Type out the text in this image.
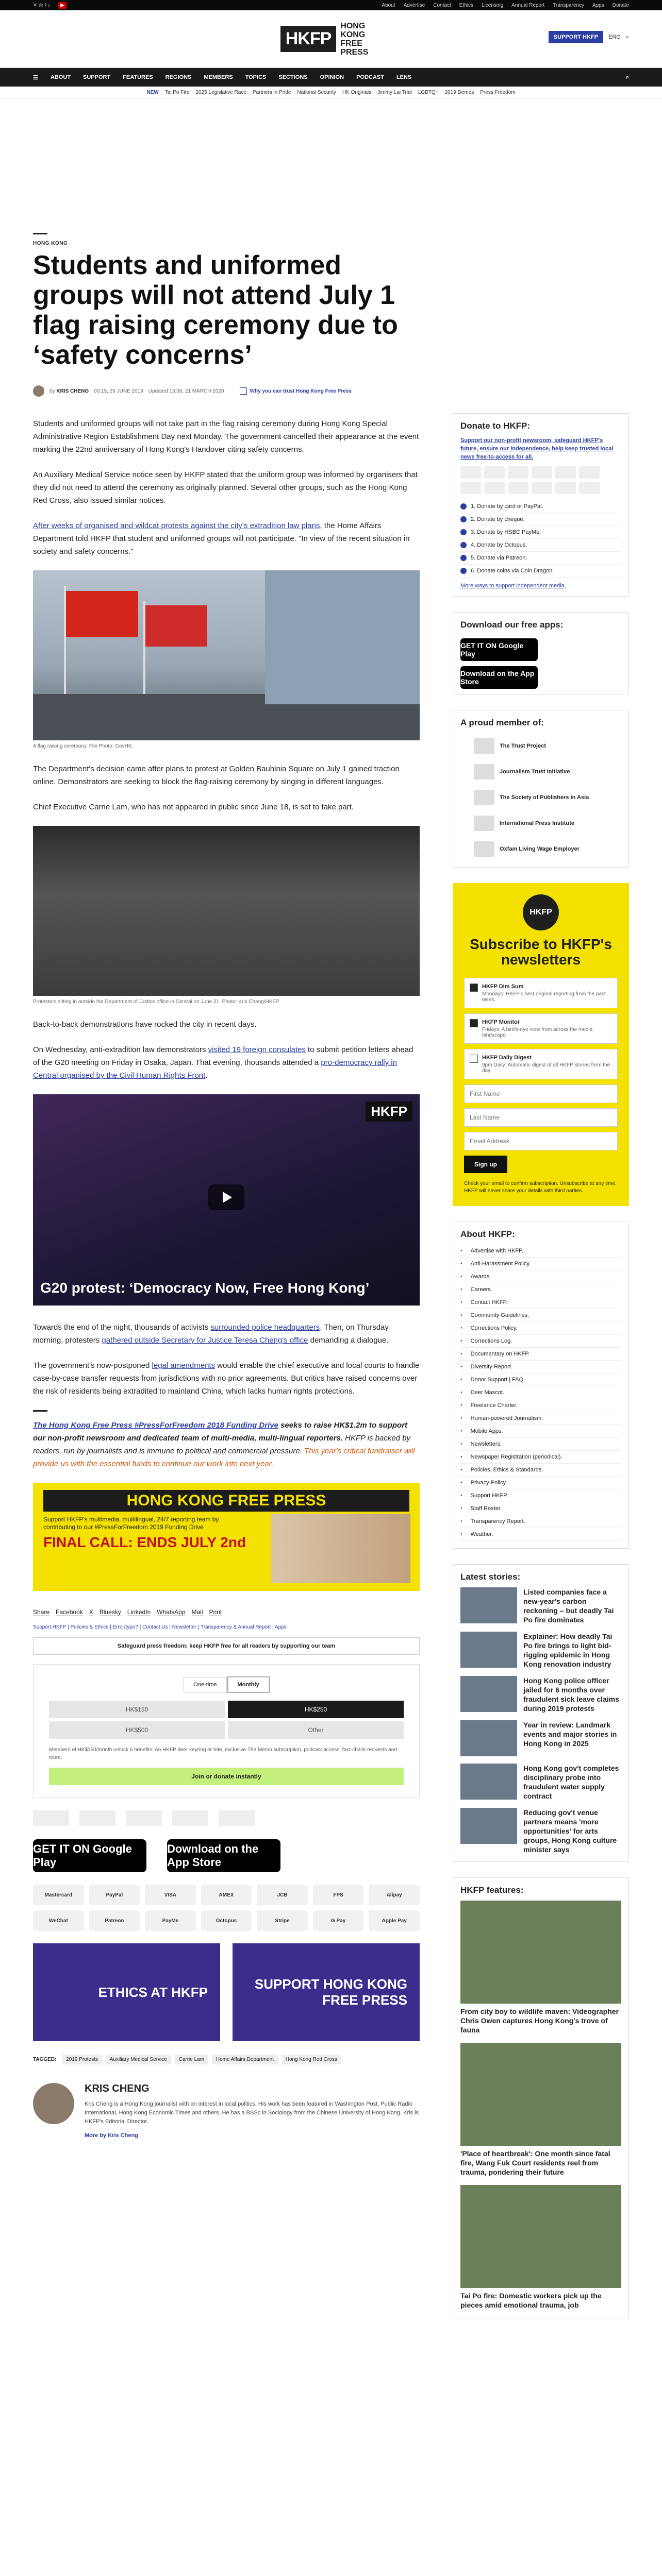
✕ ◎ f ♪	▶	About Advertise Contact Ethics Licensing Annual Report Transparency Apps Donate
HKFP
HONG KONG FREE PRESS
SUPPORT HKFP	ENG ⌕
☰ ABOUT SUPPORT FEATURES REGIONS MEMBERS TOPICS SECTIONS OPINION PODCAST LENS	⌕
NEW Tai Po Fire 2025 Legislative Race Partners in Pride National Security HK Originals Jimmy Lai Trial LGBTQ+ 2019 Demos Press Freedom
HONG KONG
Students and uniformed groups will not attend July 1 flag raising ceremony due to ‘safety concerns’
by KRIS CHENG 00:15, 29 JUNE 2019 Updated 13:08, 21 MARCH 2020	Why you can trust Hong Kong Free Press

Students and uniformed groups will not take part in the flag raising ceremony during Hong Kong Special Administrative Region Establishment Day next Monday. The government cancelled their appearance at the event marking the 22nd anniversary of Hong Kong's Handover citing safety concerns.

An Auxiliary Medical Service notice seen by HKFP stated that the uniform group was informed by organisers that they did not need to attend the ceremony as originally planned. Several other groups, such as the Hong Kong Red Cross, also issued similar notices.

After weeks of organised and wildcat protests against the city's extradition law plans, the Home Affairs Department told HKFP that student and uniformed groups will not participate. "In view of the recent situation in society and safety concerns."

A flag raising ceremony. File Photo: GovHK.

The Department's decision came after plans to protest at Golden Bauhinia Square on July 1 gained traction online. Demonstrators are seeking to block the flag-raising ceremony by singing in different languages.

Chief Executive Carrie Lam, who has not appeared in public since June 18, is set to take part.

Protesters sitting in outside the Department of Justice office in Central on June 21. Photo: Kris Cheng/HKFP.

Back-to-back demonstrations have rocked the city in recent days.

On Wednesday, anti-extradition law demonstrators visited 19 foreign consulates to submit petition letters ahead of the G20 meeting on Friday in Osaka, Japan. That evening, thousands attended a pro-democracy rally in Central organised by the Civil Human Rights Front.

HKFP
G20 protest: ‘Democracy Now, Free Hong Kong’

Towards the end of the night, thousands of activists surrounded police headquarters. Then, on Thursday morning, protesters gathered outside Secretary for Justice Teresa Cheng's office demanding a dialogue.

The government's now-postponed legal amendments would enable the chief executive and local courts to handle case-by-case transfer requests from jurisdictions with no prior agreements. But critics have raised concerns over the risk of residents being extradited to mainland China, which lacks human rights protections.

The Hong Kong Free Press #PressForFreedom 2018 Funding Drive seeks to raise HK$1.2m to support our non-profit newsroom and dedicated team of multi-media, multi-lingual reporters. HKFP is backed by readers, run by journalists and is immune to political and commercial pressure. This year's critical fundraiser will provide us with the essential funds to continue our work into next year.

HONG KONG FREE PRESS
Support HKFP's multimedia, multilingual, 24/7 reporting team by contributing to our #PressForFreedom 2019 Funding Drive
FINAL CALL: ENDS JULY 2nd
Share Facebook X Bluesky LinkedIn WhatsApp Mail Print
Support HKFP | Policies & Ethics | Error/typo? | Contact Us | Newsletter | Transparency & Annual Report | Apps
Safeguard press freedom; keep HKFP free for all readers by supporting our team
One-time	Monthly
HK$150	HK$250
HK$500	Other
Members of HK$150/month unlock 6 benefits: An HKFP deer keyring or tote, exclusive The Memo subscription, podcast access, fact-check requests and more.
Join or donate instantly
GET IT ON Google Play
Download on the App Store
Mastercard	PayPal	VISA	AMEX	JCB	FPS	Alipay
WeChat	Patreon	PayMe	Octopus	Stripe	G Pay	Apple Pay
ETHICS AT HKFP
SUPPORT HONG KONG FREE PRESS
TAGGED: 2019 Protests Auxiliary Medical Service Carrie Lam Home Affairs Department Hong Kong Red Cross
KRIS CHENG

Kris Cheng is a Hong Kong journalist with an interest in local politics. His work has been featured in Washington Post, Public Radio International, Hong Kong Economic Times and others. He has a BSSc in Sociology from the Chinese University of Hong Kong. Kris is HKFP's Editorial Director.

More by Kris Cheng
Donate to HKFP:

Support our non-profit newsroom, safeguard HKFP's future, ensure our independence, help keep trusted local news free-to-access for all.

1. Donate by card or PayPal.
2. Donate by cheque.
3. Donate by HSBC PayMe.
4. Donate by Octopus.
5. Donate via Patreon.
6. Donate coins via Coin Dragon.
More ways to support independent media.
Download our free apps:
GET IT ON Google Play
Download on the App Store
A proud member of:
The Trust Project
Journalism Trust Initiative
The Society of Publishers in Asia
International Press Institute
Oxfam Living Wage Employer
HKFP
Subscribe to HKFP's newsletters
HKFP Dim Sum
Mondays: HKFP's best original reporting from the past week.
HKFP Monitor
Fridays: A bird's-eye view from across the media landscape.
HKFP Daily Digest
9pm Daily: Automatic digest of all HKFP stories from the day.
First Name Last Name Email Address Sign up
Check your email to confirm subscription. Unsubscribe at any time. HKFP will never share your details with third parties.
About HKFP:
● Advertise with HKFP.
● Anti-Harassment Policy.
● Awards.
● Careers.
● Contact HKFP.
● Community Guidelines.
● Corrections Policy.
● Corrections Log.
● Documentary on HKFP.
● Diversity Report.
● Donor Support | FAQ.
● Deer Mascot.
● Freelance Charter.
● Human-powered Journalism.
● Mobile Apps.
● Newsletters.
● Newspaper Registration (periodical).
● Policies, Ethics & Standards.
● Privacy Policy.
● Support HKFP.
● Staff Roster.
● Transparency Report.
● Weather.
Latest stories:
Listed companies face a new-year's carbon reckoning – but deadly Tai Po fire dominates
Explainer: How deadly Tai Po fire brings to light bid-rigging epidemic in Hong Kong renovation industry
Hong Kong police officer jailed for 6 months over fraudulent sick leave claims during 2019 protests
Year in review: Landmark events and major stories in Hong Kong in 2025
Hong Kong gov't completes disciplinary probe into fraudulent water supply contract
Reducing gov't venue partners means 'more opportunities' for arts groups, Hong Kong culture minister says
HKFP features:
From city boy to wildlife maven: Videographer Chris Owen captures Hong Kong's trove of fauna
'Place of heartbreak': One month since fatal fire, Wang Fuk Court residents reel from trauma, pondering their future
Tai Po fire: Domestic workers pick up the pieces amid emotional trauma, job
